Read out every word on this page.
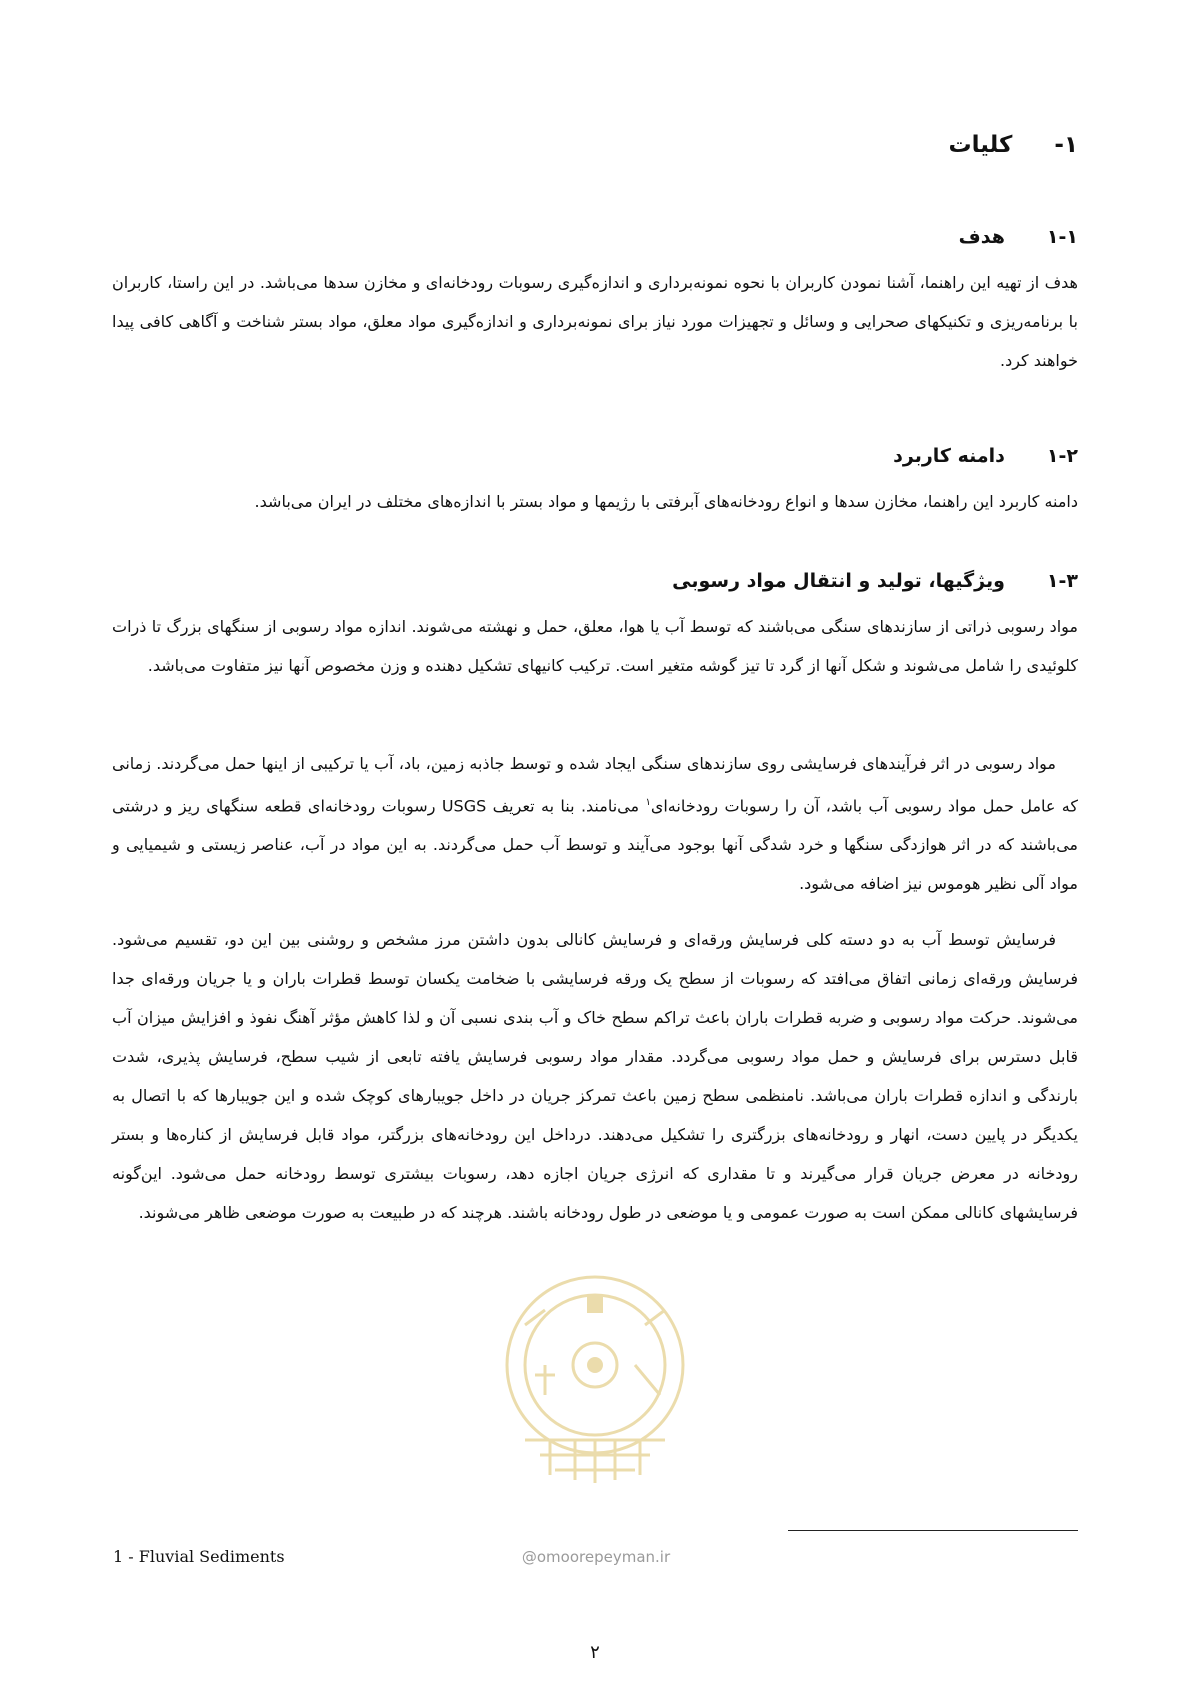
۱-کلیات
۱-۱هدف

هدف از تهیه این راهنما، آشنا نمودن کاربران با نحوه نمونه‌برداری و اندازه‌گیری رسوبات رودخانه‌ای و مخازن سدها می‌باشد. در این راستا، کاربران با برنامه‌ریزی و تکنیکهای صحرایی و وسائل و تجهیزات مورد نیاز برای نمونه‌برداری و اندازه‌گیری مواد معلق، مواد بستر شناخت و آگاهی کافی پیدا خواهند کرد.

۱-۲دامنه کاربرد

دامنه کاربرد این راهنما، مخازن سدها و انواع رودخانه‌های آبرفتی با رژیمها و مواد بستر با اندازه‌های مختلف در ایران می‌باشد.

۱-۳ویژگیها، تولید و انتقال مواد رسوبی

مواد رسوبی ذراتی از سازندهای سنگی می‌باشند که توسط آب یا هوا، معلق، حمل و نهشته می‌شوند. اندازه مواد رسوبی از سنگهای بزرگ تا ذرات کلوئیدی را شامل می‌شوند و شکل آنها از گرد تا تیز گوشه متغیر است. ترکیب کانیهای تشکیل دهنده و وزن مخصوص آنها نیز متفاوت می‌باشد.

مواد رسوبی در اثر فرآیندهای فرسایشی روی سازندهای سنگی ایجاد شده و توسط جاذبه زمین، باد، آب یا ترکیبی از اینها حمل می‌گردند. زمانی که عامل حمل مواد رسوبی آب باشد، آن را رسوبات رودخانه‌ای$^۱$ می‌نامند. بنا به تعریف USGS رسوبات رودخانه‌ای قطعه سنگهای ریز و درشتی می‌باشند که در اثر هوازدگی سنگها و خرد شدگی آنها بوجود می‌آیند و توسط آب حمل می‌گردند. به این مواد در آب، عناصر زیستی و شیمیایی و مواد آلی نظیر هوموس نیز اضافه می‌شود.

فرسایش توسط آب به دو دسته کلی فرسایش ورقه‌ای و فرسایش کانالی بدون داشتن مرز مشخص و روشنی بین این دو، تقسیم می‌شود. فرسایش ورقه‌ای زمانی اتفاق می‌افتد که رسوبات از سطح یک ورقه فرسایشی با ضخامت یکسان توسط قطرات باران و یا جریان ورقه‌ای جدا می‌شوند. حرکت مواد رسوبی و ضربه قطرات باران باعث تراکم سطح خاک و آب بندی نسبی آن و لذا کاهش مؤثر آهنگ نفوذ و افزایش میزان آب قابل دسترس برای فرسایش و حمل مواد رسوبی می‌گردد. مقدار مواد رسوبی فرسایش یافته تابعی از شیب سطح، فرسایش پذیری، شدت بارندگی و اندازه قطرات باران می‌باشد. نامنظمی سطح زمین باعث تمرکز جریان در داخل جویبارهای کوچک شده و این جویبارها که با اتصال به یکدیگر در پایین دست، انهار و رودخانه‌های بزرگتری را تشکیل می‌دهند. درداخل این رودخانه‌های بزرگتر، مواد قابل فرسایش از کناره‌ها و بستر رودخانه در معرض جریان قرار می‌گیرند و تا مقداری که انرژی جریان اجازه دهد، رسوبات بیشتری توسط رودخانه حمل می‌شود. این‌گونه فرسایشهای کانالی ممکن است به صورت عمومی و یا موضعی در طول رودخانه باشند. هرچند که در طبیعت به صورت موضعی ظاهر می‌شوند.

@omoorepeyman.ir
1 - Fluvial Sediments
۲
